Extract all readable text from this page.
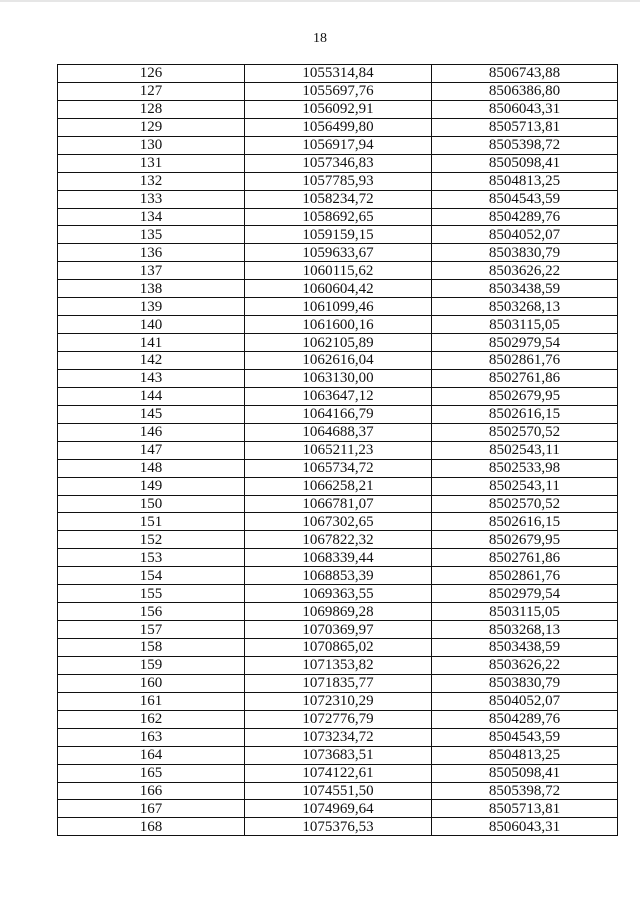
18
126	1055314,84	8506743,88
127	1055697,76	8506386,80
128	1056092,91	8506043,31
129	1056499,80	8505713,81
130	1056917,94	8505398,72
131	1057346,83	8505098,41
132	1057785,93	8504813,25
133	1058234,72	8504543,59
134	1058692,65	8504289,76
135	1059159,15	8504052,07
136	1059633,67	8503830,79
137	1060115,62	8503626,22
138	1060604,42	8503438,59
139	1061099,46	8503268,13
140	1061600,16	8503115,05
141	1062105,89	8502979,54
142	1062616,04	8502861,76
143	1063130,00	8502761,86
144	1063647,12	8502679,95
145	1064166,79	8502616,15
146	1064688,37	8502570,52
147	1065211,23	8502543,11
148	1065734,72	8502533,98
149	1066258,21	8502543,11
150	1066781,07	8502570,52
151	1067302,65	8502616,15
152	1067822,32	8502679,95
153	1068339,44	8502761,86
154	1068853,39	8502861,76
155	1069363,55	8502979,54
156	1069869,28	8503115,05
157	1070369,97	8503268,13
158	1070865,02	8503438,59
159	1071353,82	8503626,22
160	1071835,77	8503830,79
161	1072310,29	8504052,07
162	1072776,79	8504289,76
163	1073234,72	8504543,59
164	1073683,51	8504813,25
165	1074122,61	8505098,41
166	1074551,50	8505398,72
167	1074969,64	8505713,81
168	1075376,53	8506043,31
